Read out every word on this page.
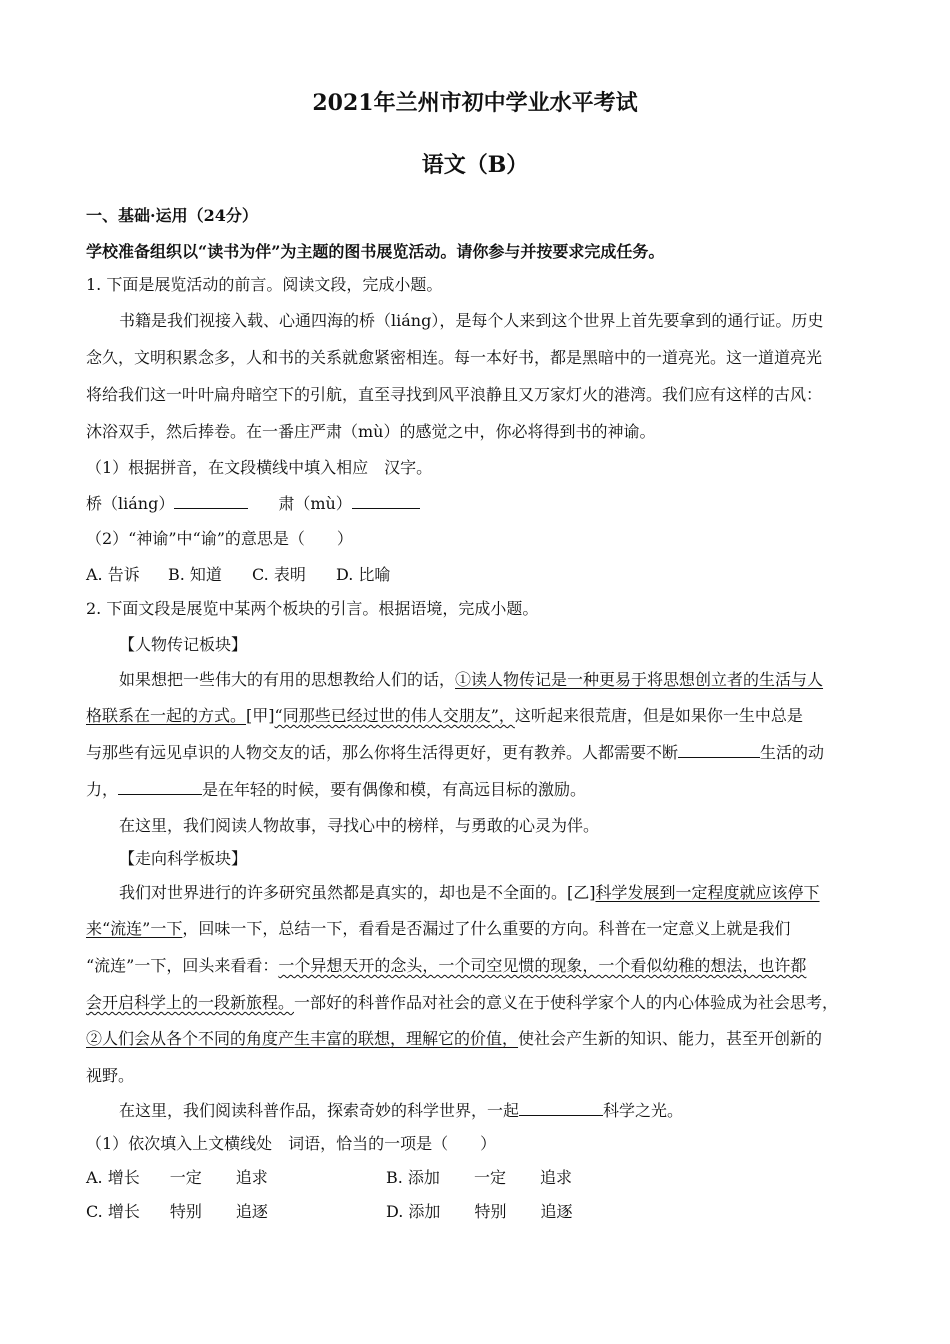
2021年兰州市初中学业水平考试
语文（B）
一、基础·运用（24分）
学校准备组织以“读书为伴”为主题的图书展览活动。请你参与并按要求完成任务。
1. 下面是展览活动的前言。阅读文段，完成小题。
书籍是我们视接入载、心通四海的桥（liáng），是每个人来到这个世界上首先要拿到的通行证。历史
念久，文明积累念多，人和书的关系就愈紧密相连。每一本好书，都是黑暗中的一道亮光。这一道道亮光
将给我们这一叶叶扁舟暗空下的引航，直至寻找到风平浪静且又万家灯火的港湾。我们应有这样的古风：
沐浴双手，然后捧卷。在一番庄严肃（mù）的感觉之中，你必将得到书的神谕。
（1）根据拼音，在文段横线中填入相应　汉字。
桥（liáng）	肃（mù）
（2）“神谕”中“谕”的意思是（　　）
A. 告诉 B. 知道 C. 表明 D. 比喻
2. 下面文段是展览中某两个板块的引言。根据语境，完成小题。
【人物传记板块】
如果想把一些伟大的有用的思想教给人们的话，①读人物传记是一种更易于将思想创立者的生活与人
格联系在一起的方式。[甲]“同那些已经过世的伟人交朋友”，这听起来很荒唐，但是如果你一生中总是
与那些有远见卓识的人物交友的话，那么你将生活得更好，更有教养。人都需要不断	生活的动
力，	是在年轻的时候，要有偶像和模，有高远目标的激励。
在这里，我们阅读人物故事，寻找心中的榜样，与勇敢的心灵为伴。
【走向科学板块】
我们对世界进行的许多研究虽然都是真实的，却也是不全面的。[乙]科学发展到一定程度就应该停下
来“流连”一下，回味一下，总结一下，看看是否漏过了什么重要的方向。科普在一定意义上就是我们
“流连”一下，回头来看看：一个异想天开的念头，一个司空见惯的现象，一个看似幼稚的想法，也许都
会开启科学上的一段新旅程。一部好的科普作品对社会的意义在于使科学家个人的内心体验成为社会思考，
②人们会从各个不同的角度产生丰富的联想，理解它的价值，使社会产生新的知识、能力，甚至开创新的
视野。
在这里，我们阅读科普作品，探索奇妙的科学世界，一起	科学之光。
（1）依次填入上文横线处　词语，恰当的一项是（　　）
A. 增长 一定 追求	B. 添加 一定 追求
C. 增长 特别 追逐	D. 添加 特别 追逐
